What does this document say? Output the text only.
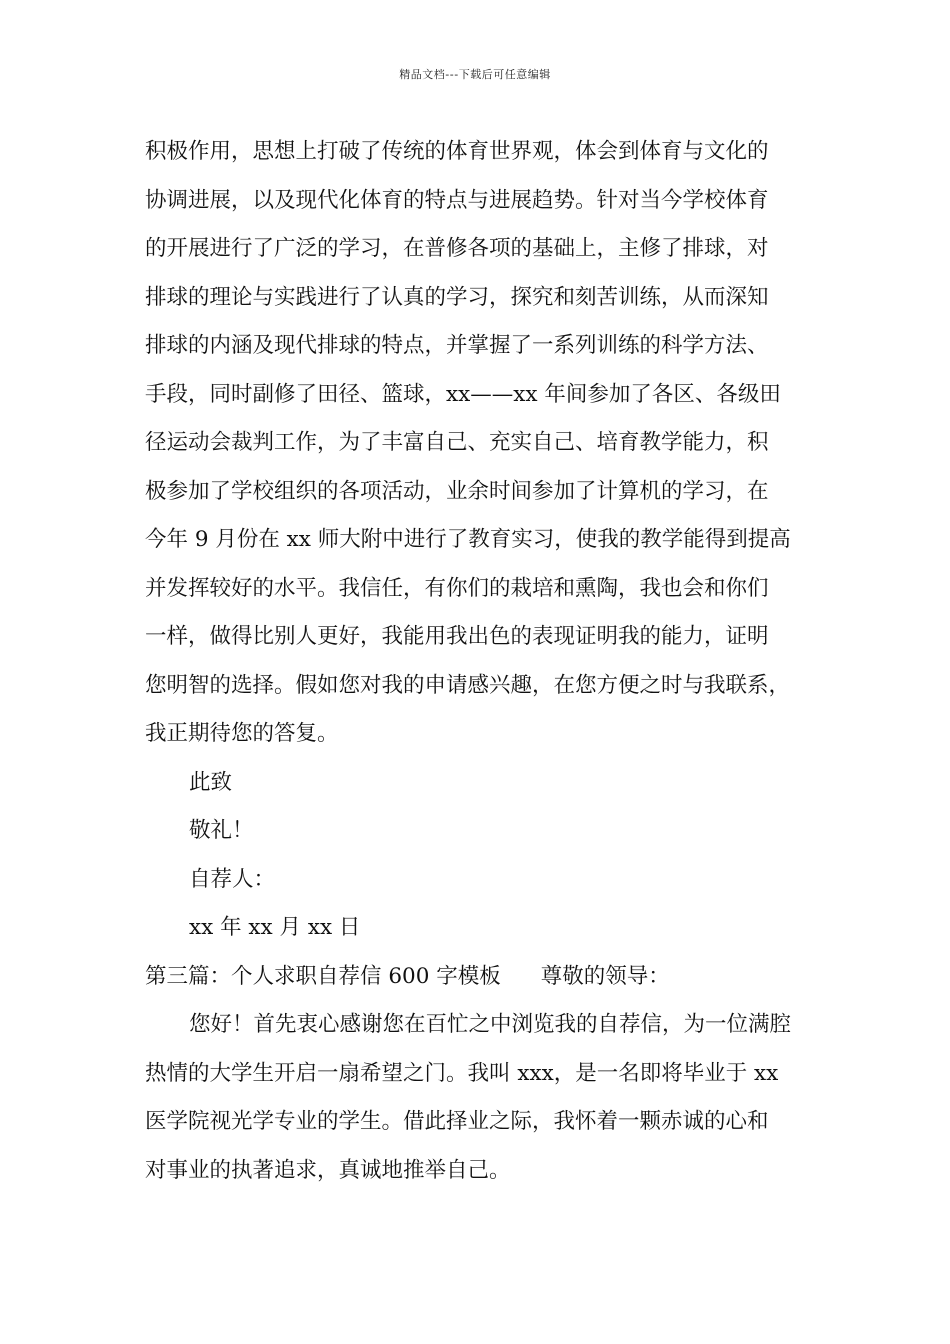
精品文档---下载后可任意编辑
积极作用，思想上打破了传统的体育世界观，体会到体育与文化的
协调进展，以及现代化体育的特点与进展趋势。针对当今学校体育
的开展进行了广泛的学习，在普修各项的基础上，主修了排球，对
排球的理论与实践进行了认真的学习，探究和刻苦训练，从而深知
排球的内涵及现代排球的特点，并掌握了一系列训练的科学方法、
手段，同时副修了田径、篮球，xx——xx 年间参加了各区、各级田
径运动会裁判工作，为了丰富自己、充实自己、培育教学能力，积
极参加了学校组织的各项活动，业余时间参加了计算机的学习，在
今年 9 月份在 xx 师大附中进行了教育实习，使我的教学能得到提高
并发挥较好的水平。我信任，有你们的栽培和熏陶，我也会和你们
一样，做得比别人更好，我能用我出色的表现证明我的能力，证明
您明智的选择。假如您对我的申请感兴趣，在您方便之时与我联系，
我正期待您的答复。
此致
敬礼！
自荐人：
xx 年 xx 月 xx 日
第三篇：个人求职自荐信 600 字模板 尊敬的领导：
您好！首先衷心感谢您在百忙之中浏览我的自荐信，为一位满腔
热情的大学生开启一扇希望之门。我叫 xxx，是一名即将毕业于 xx
医学院视光学专业的学生。借此择业之际，我怀着一颗赤诚的心和
对事业的执著追求，真诚地推举自己。
